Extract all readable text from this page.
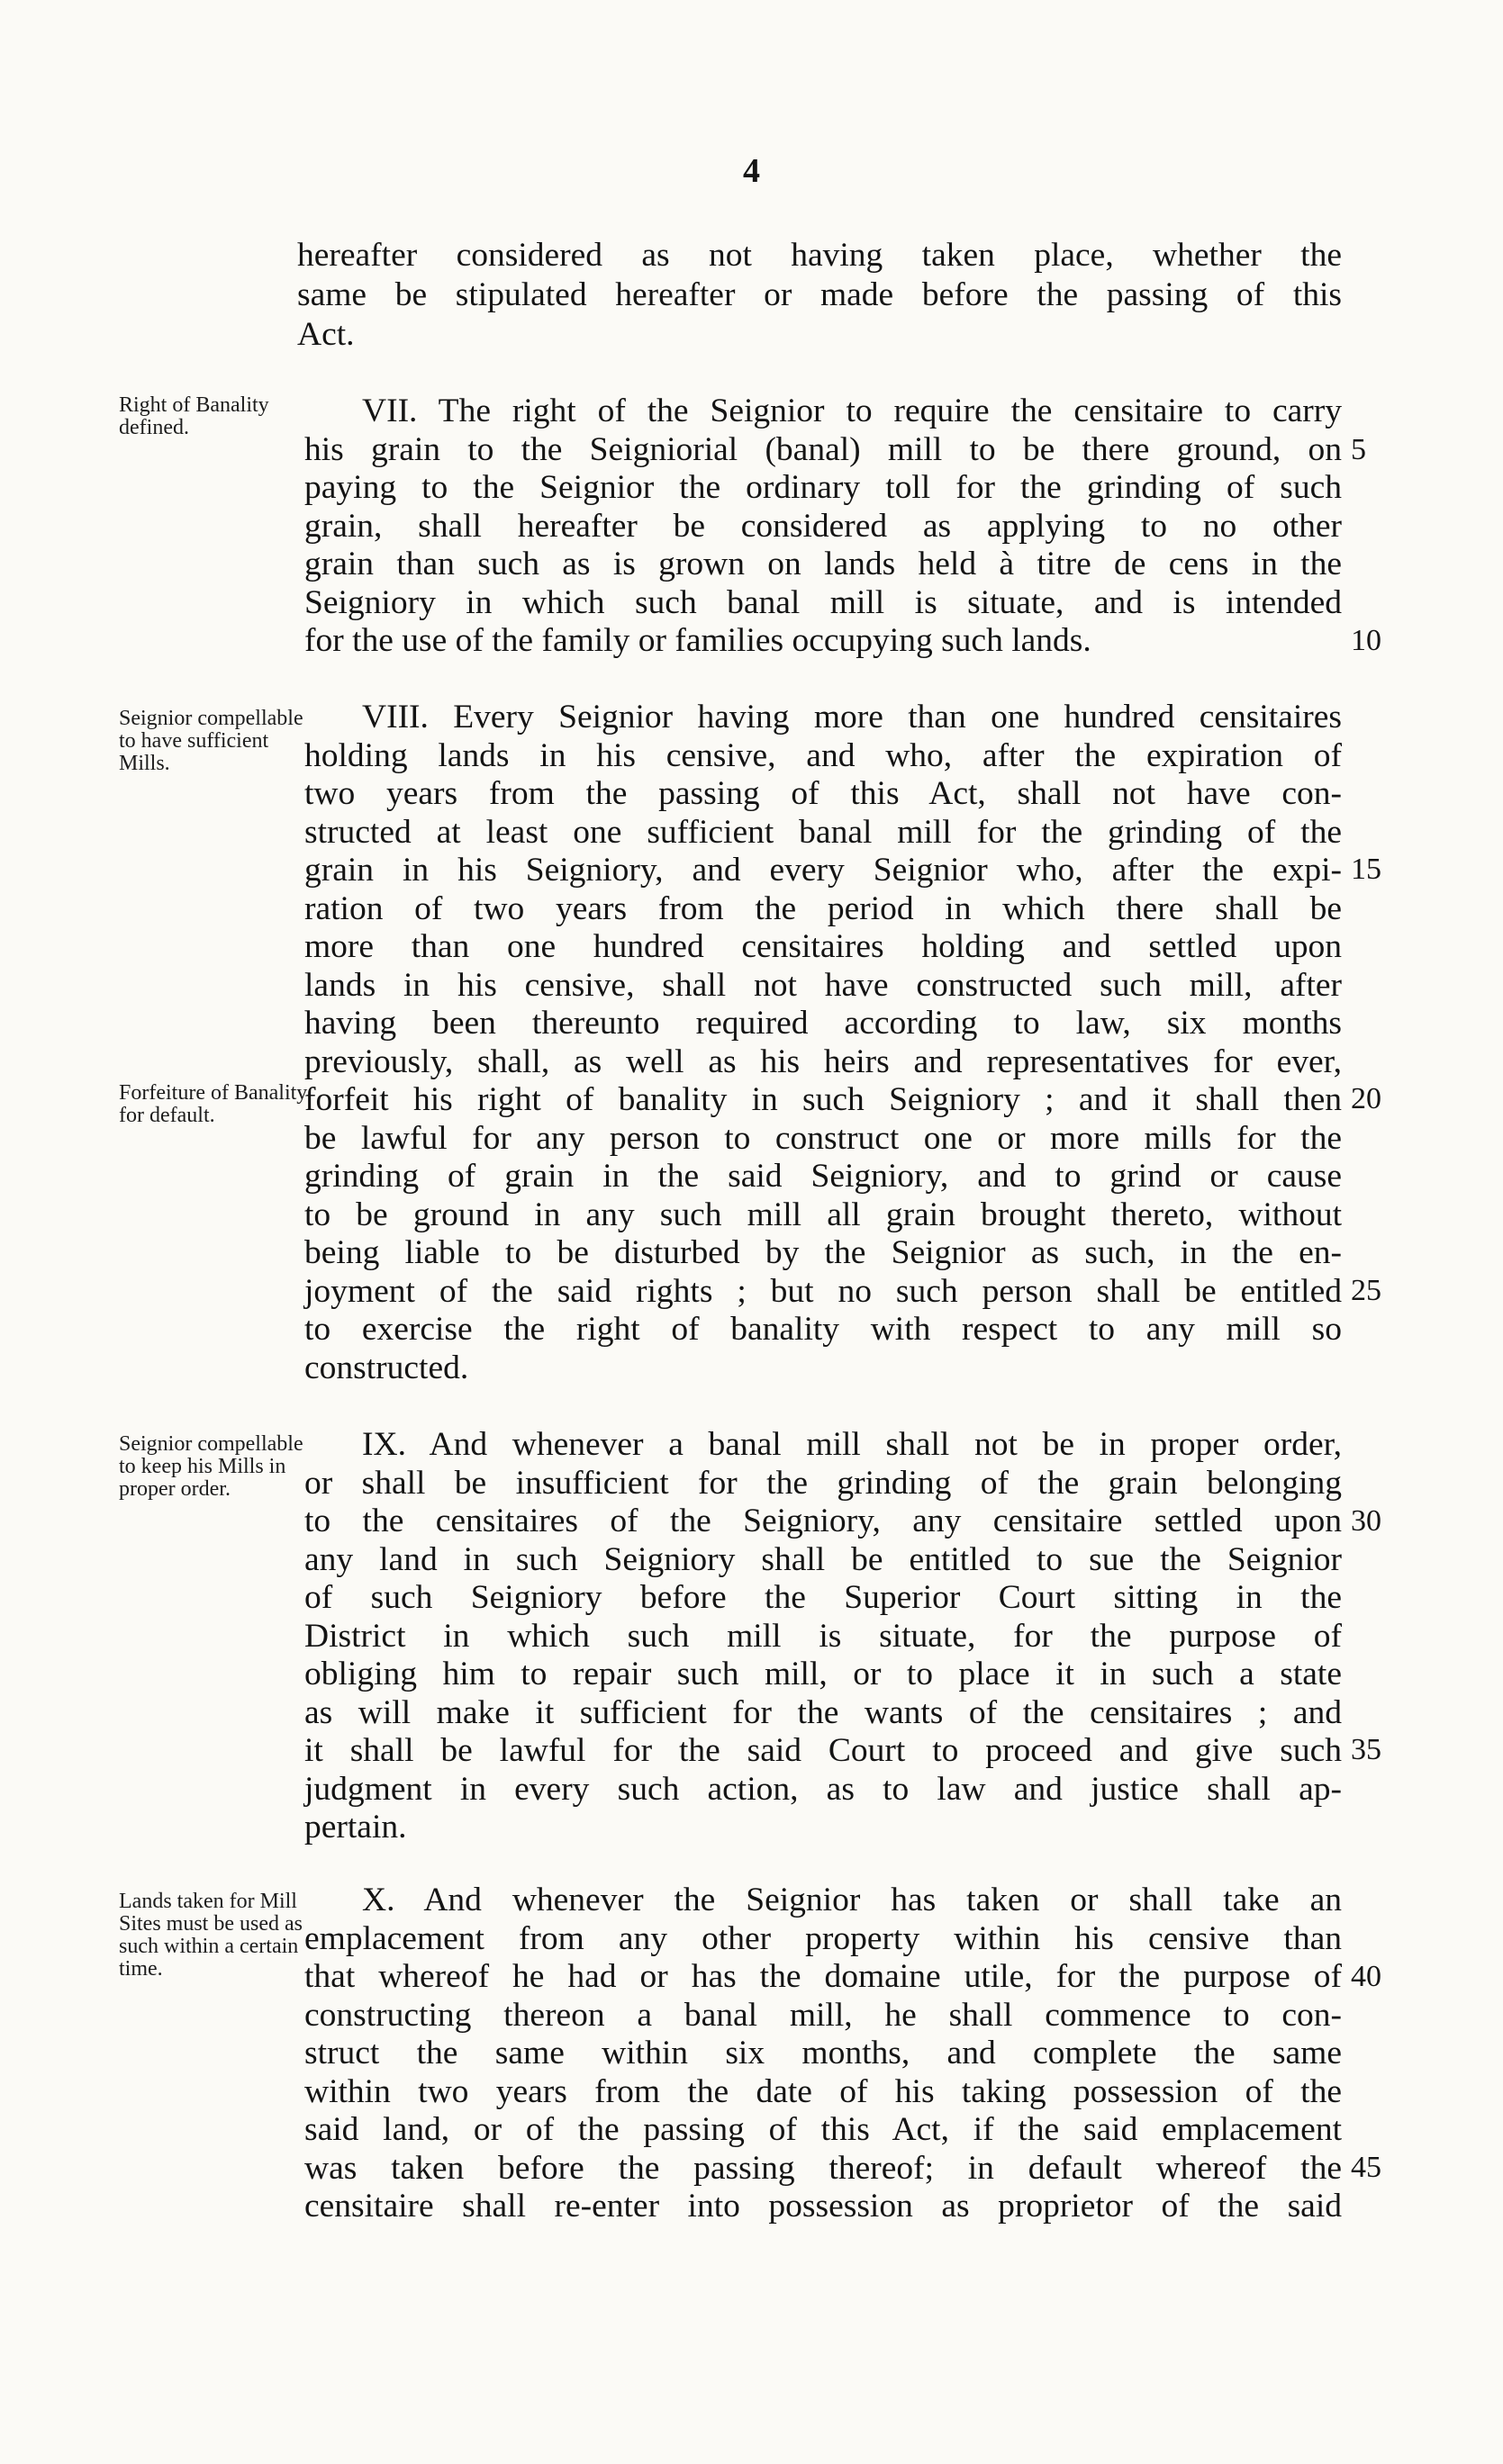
4
hereafter considered as not having taken place, whether the
same be stipulated hereafter or made before the passing of this
Act.
Right of Banality defined.	VII. The right of the Seignior to require the censitaire to carry
his grain to the Seigniorial (banal) mill to be there ground, on
paying to the Seignior the ordinary toll for the grinding of such
grain, shall hereafter be considered as applying to no other
grain than such as is grown on lands held à titre de cens in the
Seigniory in which such banal mill is situate, and is intended
for the use of the family or families occupying such lands.
5
10
Seignior compellable to have sufficient Mills.
Forfeiture of Banality for default.
VIII. Every Seignior having more than one hundred censitaires
holding lands in his censive, and who, after the expiration of
two years from the passing of this Act, shall not have con-
structed at least one sufficient banal mill for the grinding of the
grain in his Seigniory, and every Seignior who, after the expi-
ration of two years from the period in which there shall be
more than one hundred censitaires holding and settled upon
lands in his censive, shall not have constructed such mill, after
having been thereunto required according to law, six months
previously, shall, as well as his heirs and representatives for ever,
forfeit his right of banality in such Seigniory ; and it shall then
be lawful for any person to construct one or more mills for the
grinding of grain in the said Seigniory, and to grind or cause
to be ground in any such mill all grain brought thereto, without
being liable to be disturbed by the Seignior as such, in the en-
joyment of the said rights ; but no such person shall be entitled
to exercise the right of banality with respect to any mill so
constructed.
15
20
25
Seignior compellable to keep his Mills in proper order.
IX. And whenever a banal mill shall not be in proper order,
or shall be insufficient for the grinding of the grain belonging
to the censitaires of the Seigniory, any censitaire settled upon
any land in such Seigniory shall be entitled to sue the Seignior
of such Seigniory before the Superior Court sitting in the
District in which such mill is situate, for the purpose of
obliging him to repair such mill, or to place it in such a state
as will make it sufficient for the wants of the censitaires ; and
it shall be lawful for the said Court to proceed and give such
judgment in every such action, as to law and justice shall ap-
pertain.
30
35
Lands taken for Mill Sites must be used as such within a certain time.
X. And whenever the Seignior has taken or shall take an
emplacement from any other property within his censive than
that whereof he had or has the domaine utile, for the purpose of
constructing thereon a banal mill, he shall commence to con-
struct the same within six months, and complete the same
within two years from the date of his taking possession of the
said land, or of the passing of this Act, if the said emplacement
was taken before the passing thereof; in default whereof the
censitaire shall re-enter into possession as proprietor of the said
40
45
